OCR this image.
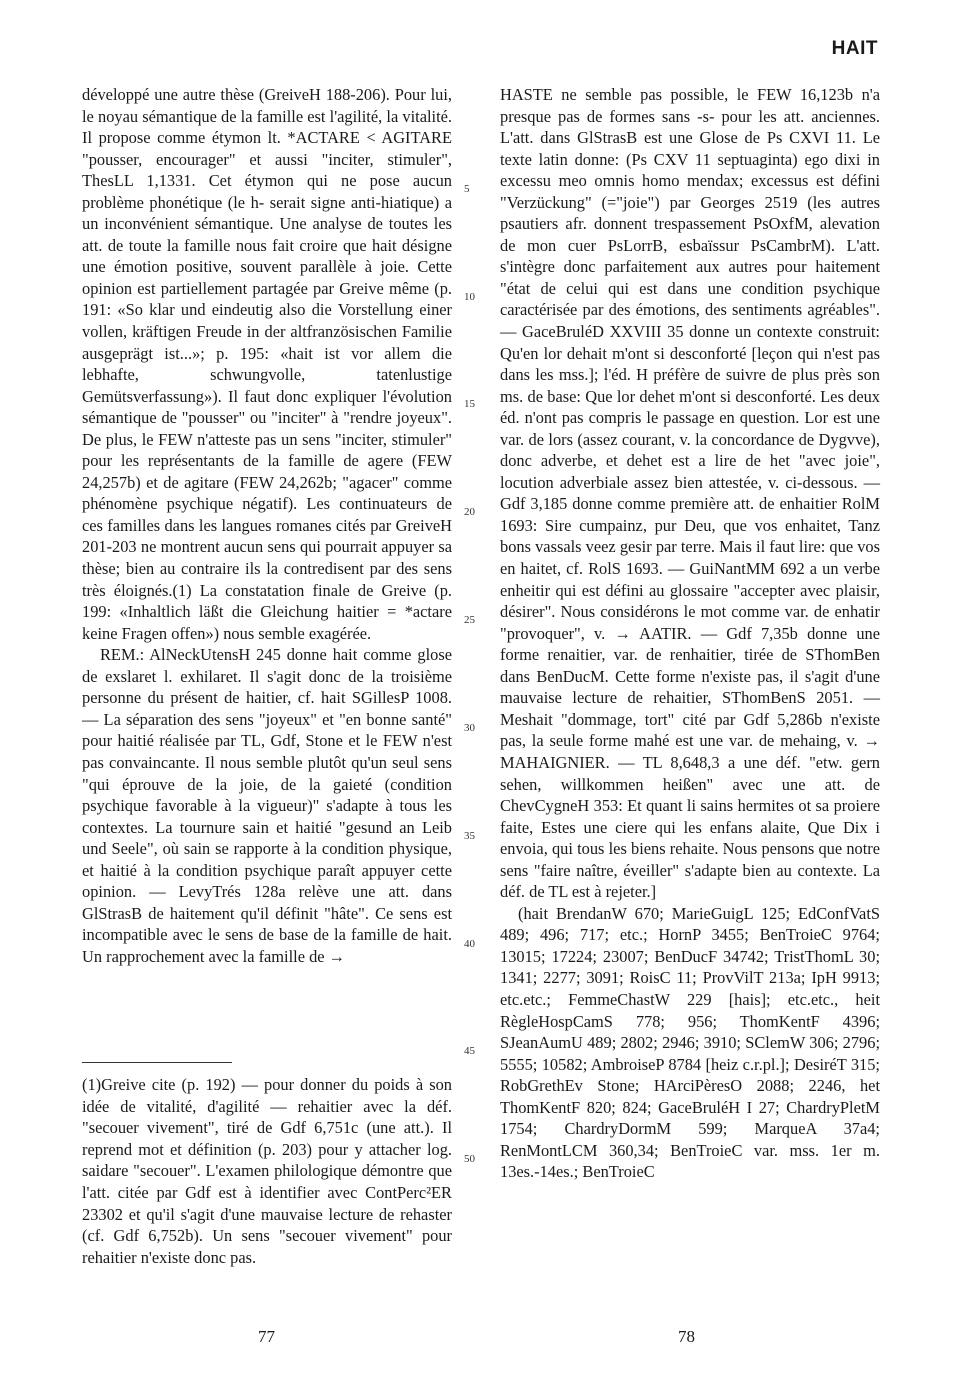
HAIT

développé une autre thèse (GreiveH 188-206). Pour lui, le noyau sémantique de la famille est l'agilité, la vitalité. Il propose comme étymon lt. *ACTARE < AGITARE "pousser, encourager" et aussi "inciter, stimuler", ThesLL 1,1331. Cet étymon qui ne pose aucun problème phonétique (le h- serait signe anti-hiatique) a un inconvénient sémantique. Une analyse de toutes les att. de toute la famille nous fait croire que hait désigne une émotion positive, souvent parallèle à joie. Cette opinion est partiellement partagée par Greive même (p. 191: «So klar und eindeutig also die Vorstellung einer vollen, kräftigen Freude in der altfranzösischen Familie ausgeprägt ist...»; p. 195: «hait ist vor allem die lebhafte, schwungvolle, tatenlustige Gemütsverfassung»). Il faut donc expliquer l'évolution sémantique de "pousser" ou "inciter" à "rendre joyeux". De plus, le FEW n'atteste pas un sens "inciter, stimuler" pour les représentants de la famille de agere (FEW 24,257b) et de agitare (FEW 24,262b; "agacer" comme phénomène psychique négatif). Les continuateurs de ces familles dans les langues romanes cités par GreiveH 201-203 ne montrent aucun sens qui pourrait appuyer sa thèse; bien au contraire ils la contredisent par des sens très éloignés.(1) La constatation finale de Greive (p. 199: «Inhaltlich läßt die Gleichung haitier = *actare keine Fragen offen») nous semble exagérée.

REM.: AlNeckUtensH 245 donne hait comme glose de exslaret l. exhilaret. Il s'agit donc de la troisième personne du présent de haitier, cf. hait SGillesP 1008. — La séparation des sens "joyeux" et "en bonne santé" pour haitié réalisée par TL, Gdf, Stone et le FEW n'est pas convaincante. Il nous semble plutôt qu'un seul sens "qui éprouve de la joie, de la gaieté (condition psychique favorable à la vigueur)" s'adapte à tous les contextes. La tournure sain et haitié "gesund an Leib und Seele", où sain se rapporte à la condition physique, et haitié à la condition psychique paraît appuyer cette opinion. — LevyTrés 128a relève une att. dans GlStrasB de haitement qu'il définit "hâte". Ce sens est incompatible avec le sens de base de la famille de hait. Un rapprochement avec la famille de →

(1)Greive cite (p. 192) — pour donner du poids à son idée de vitalité, d'agilité — rehaitier avec la déf. "secouer vivement", tiré de Gdf 6,751c (une att.). Il reprend mot et définition (p. 203) pour y attacher log. saidare "secouer". L'examen philologique démontre que l'att. citée par Gdf est à identifier avec ContPerc²ER 23302 et qu'il s'agit d'une mauvaise lecture de rehaster (cf. Gdf 6,752b). Un sens "secouer vivement" pour rehaitier n'existe donc pas.
5
10
15
20
25
30
35
40
45
50

HASTE ne semble pas possible, le FEW 16,123b n'a presque pas de formes sans -s- pour les att. anciennes. L'att. dans GlStrasB est une Glose de Ps CXVI 11. Le texte latin donne: (Ps CXV 11 septuaginta) ego dixi in excessu meo omnis homo mendax; excessus est défini "Verzückung" (="joie") par Georges 2519 (les autres psautiers afr. donnent trespassement PsOxfM, alevation de mon cuer PsLorrB, esbaïssur PsCambrM). L'att. s'intègre donc parfaitement aux autres pour haitement "état de celui qui est dans une condition psychique caractérisée par des émotions, des sentiments agréables". — GaceBruléD XXVIII 35 donne un contexte construit: Qu'en lor dehait m'ont si desconforté [leçon qui n'est pas dans les mss.]; l'éd. H préfère de suivre de plus près son ms. de base: Que lor dehet m'ont si desconforté. Les deux éd. n'ont pas compris le passage en question. Lor est une var. de lors (assez courant, v. la concordance de Dygvve), donc adverbe, et dehet est a lire de het "avec joie", locution adverbiale assez bien attestée, v. ci-dessous. — Gdf 3,185 donne comme première att. de enhaitier RolM 1693: Sire cumpainz, pur Deu, que vos enhaitet, Tanz bons vassals veez gesir par terre. Mais il faut lire: que vos en haitet, cf. RolS 1693. — GuiNantMM 692 a un verbe enheitir qui est défini au glossaire "accepter avec plaisir, désirer". Nous considérons le mot comme var. de enhatir "provoquer", v. → AATIR. — Gdf 7,35b donne une forme renaitier, var. de renhaitier, tirée de SThomBen dans BenDucM. Cette forme n'existe pas, il s'agit d'une mauvaise lecture de rehaitier, SThomBenS 2051. — Meshait "dommage, tort" cité par Gdf 5,286b n'existe pas, la seule forme mahé est une var. de mehaing, v. → MAHAIGNIER. — TL 8,648,3 a une déf. "etw. gern sehen, willkommen heißen" avec une att. de ChevCygneH 353: Et quant li sains hermites ot sa proiere faite, Estes une ciere qui les enfans alaite, Que Dix i envoia, qui tous les biens rehaite. Nous pensons que notre sens "faire naître, éveiller" s'adapte bien au contexte. La déf. de TL est à rejeter.]

(hait BrendanW 670; MarieGuigL 125; EdConfVatS 489; 496; 717; etc.; HornP 3455; BenTroieC 9764; 13015; 17224; 23007; BenDucF 34742; TristThomL 30; 1341; 2277; 3091; RoisC 11; ProvVilT 213a; IpH 9913; etc.etc.; FemmeChastW 229 [hais]; etc.etc., heit RègleHospCamS 778; 956; ThomKentF 4396; SJeanAumU 489; 2802; 2946; 3910; SClemW 306; 2796; 5555; 10582; AmbroiseP 8784 [heiz c.r.pl.]; DesiréT 315; RobGrethEv Stone; HArciPèresO 2088; 2246, het ThomKentF 820; 824; GaceBruléH I 27; ChardryPletM 1754; ChardryDormM 599; MarqueA 37a4; RenMontLCM 360,34; BenTroieC var. mss. 1er m. 13es.-14es.; BenTroieC

77	78
